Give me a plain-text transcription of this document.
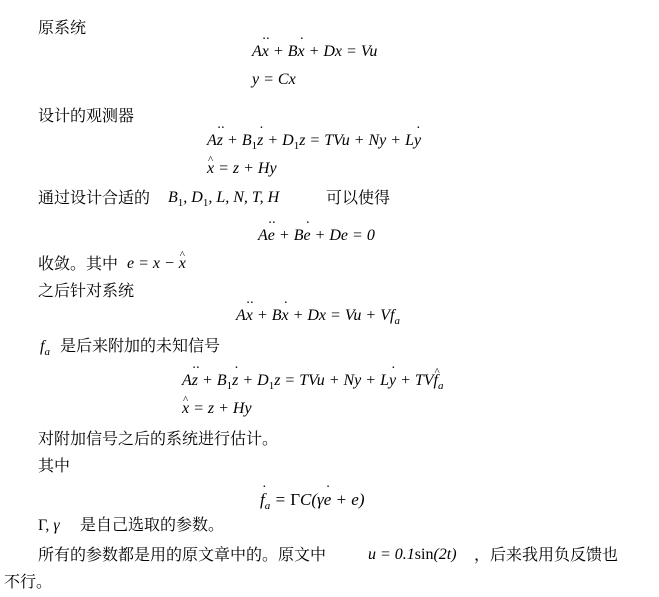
原系统
A·· x + B· x + Dx = Vu
y = Cx
设计的观测器
$A\cdot\cdot z + B_1\cdot z + D_1z$ = TVu + Ny + L· y
^ x = z + Hy
通过设计合适的 $B_1$, $D_1$, L, N, T, H	可以使得
A·· e + B· e + De = 0
收敛。其中 e = x − ^ x
之后针对系统
$A\cdot\cdot x + B\cdot x + Dx = Vu + Vf_a$
$f_a$ 是后来附加的未知信号
$A\cdot\cdot z + B_1\cdot z + D_1z$ = TVu + Ny + L· y + TV^ $f_a$
^ x = z + Hy
对附加信号之后的系统进行估计。
其中
· $f_a = \Gamma C(\gamma\cdot e + e)$
Γ, γ 是自己选取的参数。
所有的参数都是用的原文章中的。原文中	u = 0.1sin(2t) ，后来我用负反馈也
不行。
